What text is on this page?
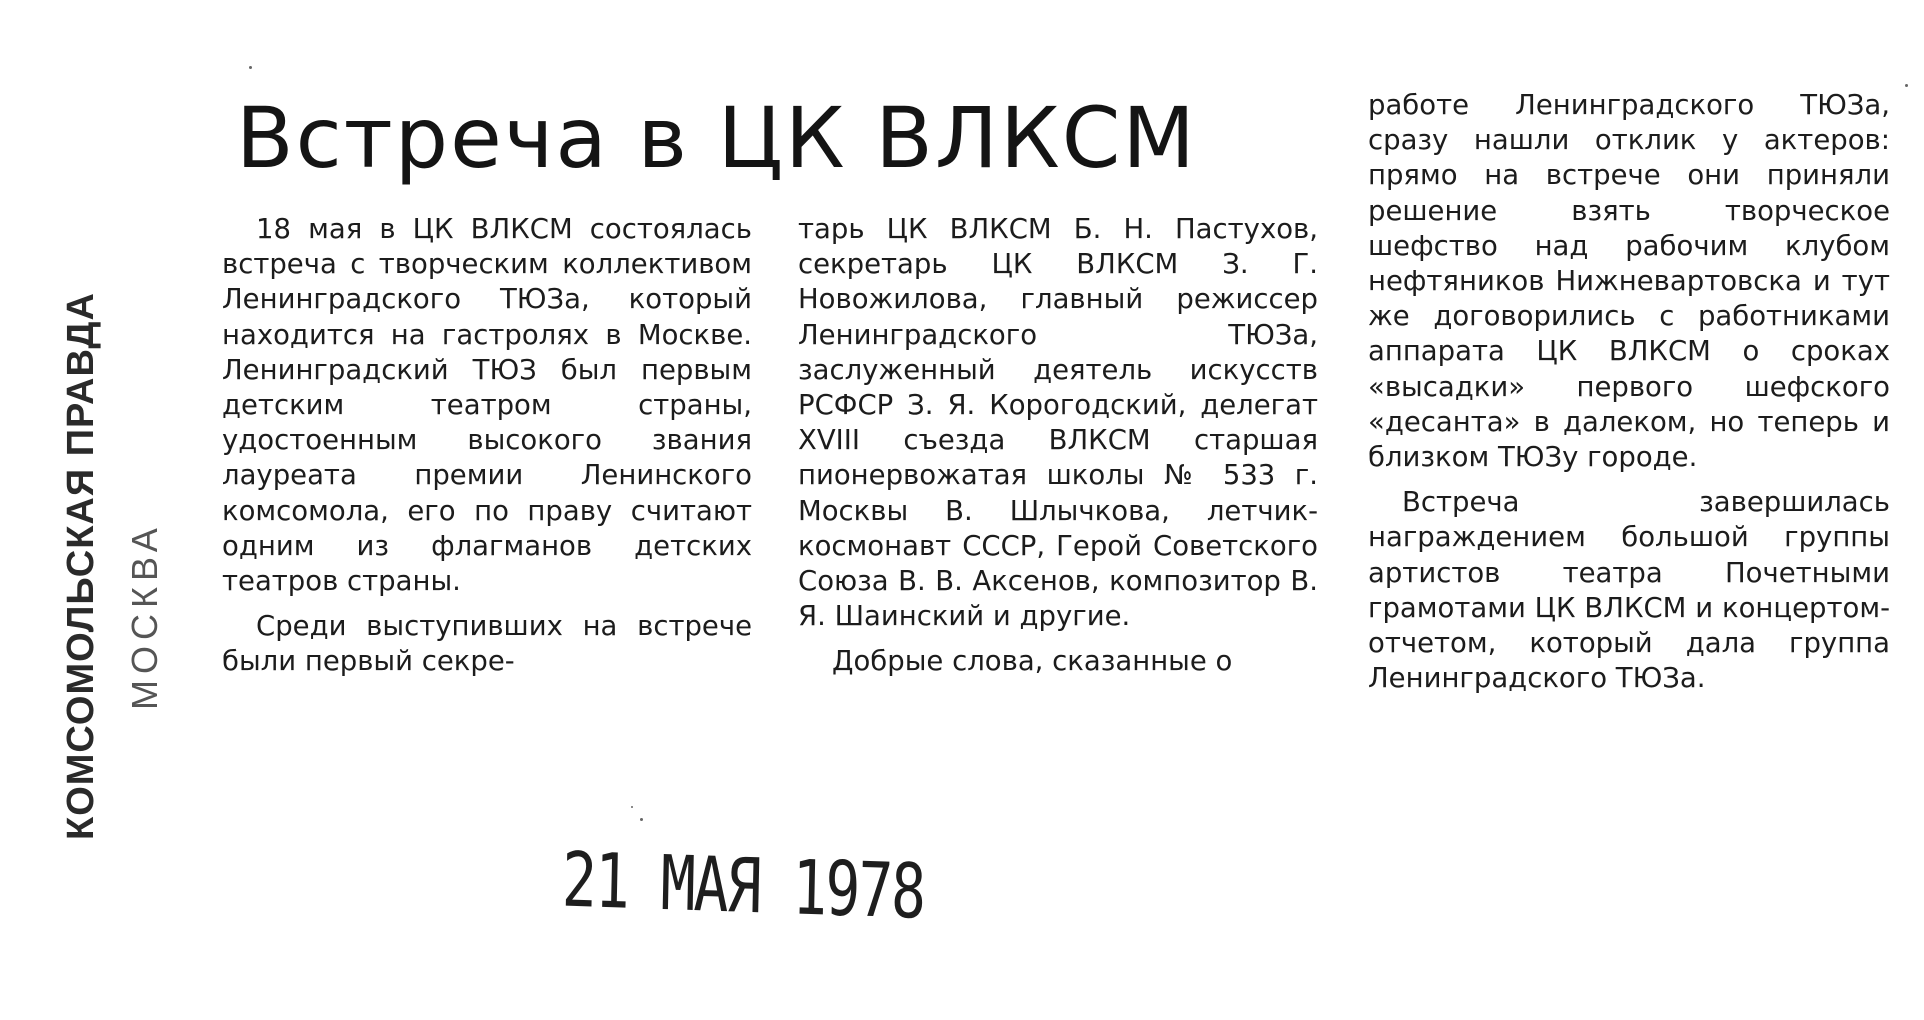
Встреча в ЦК ВЛКСМ

18 мая в ЦК ВЛКСМ состоялась встреча с творческим коллективом Ленинградского ТЮЗа, который находится на гастролях в Москве. Ленинградский ТЮЗ был первым детским театром страны, удостоенным высокого звания лауреата премии Ленинского комсомола, его по праву считают одним из флагманов детских театров страны.

Среди выступивших на встрече были первый секре-

тарь ЦК ВЛКСМ Б. Н. Пастухов, секретарь ЦК ВЛКСМ З. Г. Новожилова, главный режиссер Ленинградского ТЮЗа, заслуженный деятель искусств РСФСР З. Я. Корогодский, делегат XVIII съезда ВЛКСМ старшая пионервожатая школы № 533 г. Москвы В. Шлычкова, летчик-космонавт СССР, Герой Советского Союза В. В. Аксенов, композитор В. Я. Шаинский и другие.

Добрые слова, сказанные о

работе Ленинградского ТЮЗа, сразу нашли отклик у актеров: прямо на встрече они приняли решение взять творческое шефство над рабочим клубом нефтяников Нижневартовска и тут же договорились с работниками аппарата ЦК ВЛКСМ о сроках «высадки» первого шефского «десанта» в далеком, но теперь и близком ТЮЗу городе.

Встреча завершилась награждением большой группы артистов театра Почетными грамотами ЦК ВЛКСМ и концертом-отчетом, который дала группа Ленинградского ТЮЗа.

КОМСОМОЛЬСКАЯ ПРАВДА МОСКВА
21 МАЯ 1978
